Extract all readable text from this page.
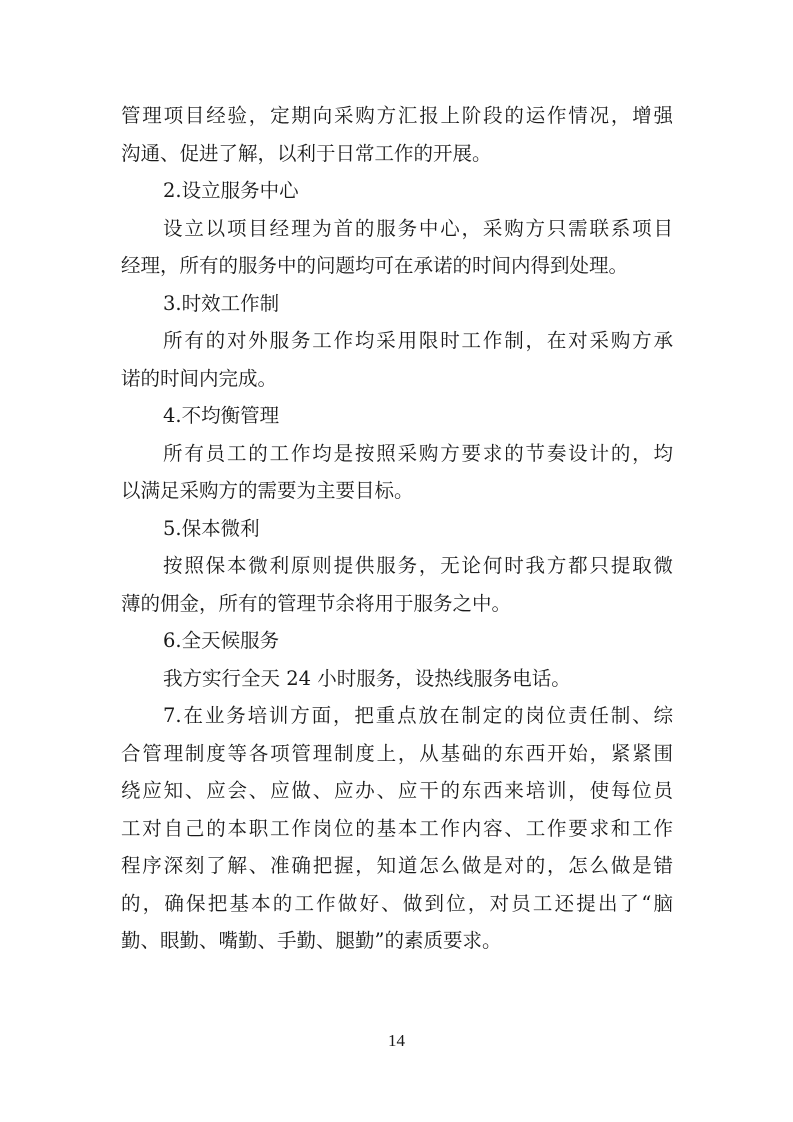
管理项目经验，定期向采购方汇报上阶段的运作情况，增强
沟通、促进了解，以利于日常工作的开展。
2.设立服务中心
设立以项目经理为首的服务中心，采购方只需联系项目
经理，所有的服务中的问题均可在承诺的时间内得到处理。
3.时效工作制
所有的对外服务工作均采用限时工作制，在对采购方承
诺的时间内完成。
4.不均衡管理
所有员工的工作均是按照采购方要求的节奏设计的，均
以满足采购方的需要为主要目标。
5.保本微利
按照保本微利原则提供服务，无论何时我方都只提取微
薄的佣金，所有的管理节余将用于服务之中。
6.全天候服务
我方实行全天 24 小时服务，设热线服务电话。
7.在业务培训方面，把重点放在制定的岗位责任制、综
合管理制度等各项管理制度上，从基础的东西开始，紧紧围
绕应知、应会、应做、应办、应干的东西来培训，使每位员
工对自己的本职工作岗位的基本工作内容、工作要求和工作
程序深刻了解、准确把握，知道怎么做是对的，怎么做是错
的，确保把基本的工作做好、做到位，对员工还提出了“脑
勤、眼勤、嘴勤、手勤、腿勤”的素质要求。
14
